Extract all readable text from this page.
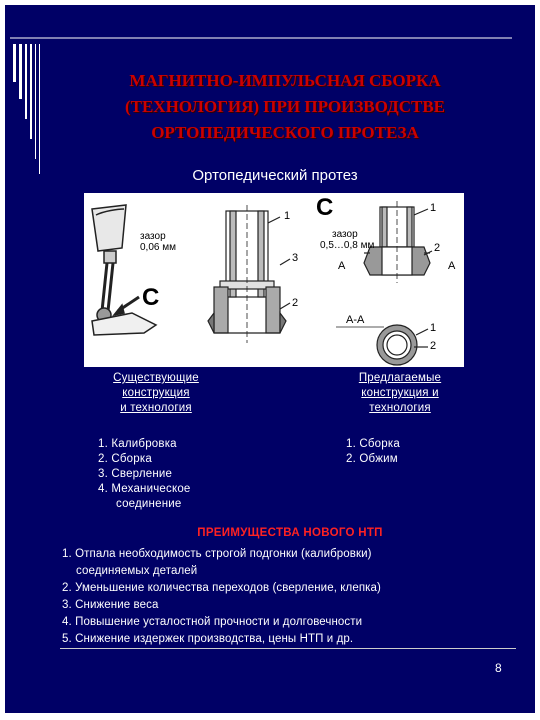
МАГНИТНО-ИМПУЛЬСНАЯ СБОРКА
(ТЕХНОЛОГИЯ) ПРИ ПРОИЗВОДСТВЕ
ОРТОПЕДИЧЕСКОГО ПРОТЕЗА
Ортопедический протез
зазор
0,06 мм
С
С
1
3
2
зазор
0,5…0,8 мм
1
2
1
2
А	А
А-А
Существующие
конструкция
и технология
1. Калибровка
2. Сборка
3. Сверление
4. Механическое
соединение
Предлагаемые
конструкция и
технология
1. Сборка
2. Обжим
ПРЕИМУЩЕСТВА НОВОГО НТП
1. Отпала необходимость строгой подгонки (калибровки)
соединяемых деталей
2. Уменьшение количества переходов (сверление, клепка)
3. Снижение веса
4. Повышение усталостной прочности и долговечности
5. Снижение издержек производства, цены НТП и др.
8
